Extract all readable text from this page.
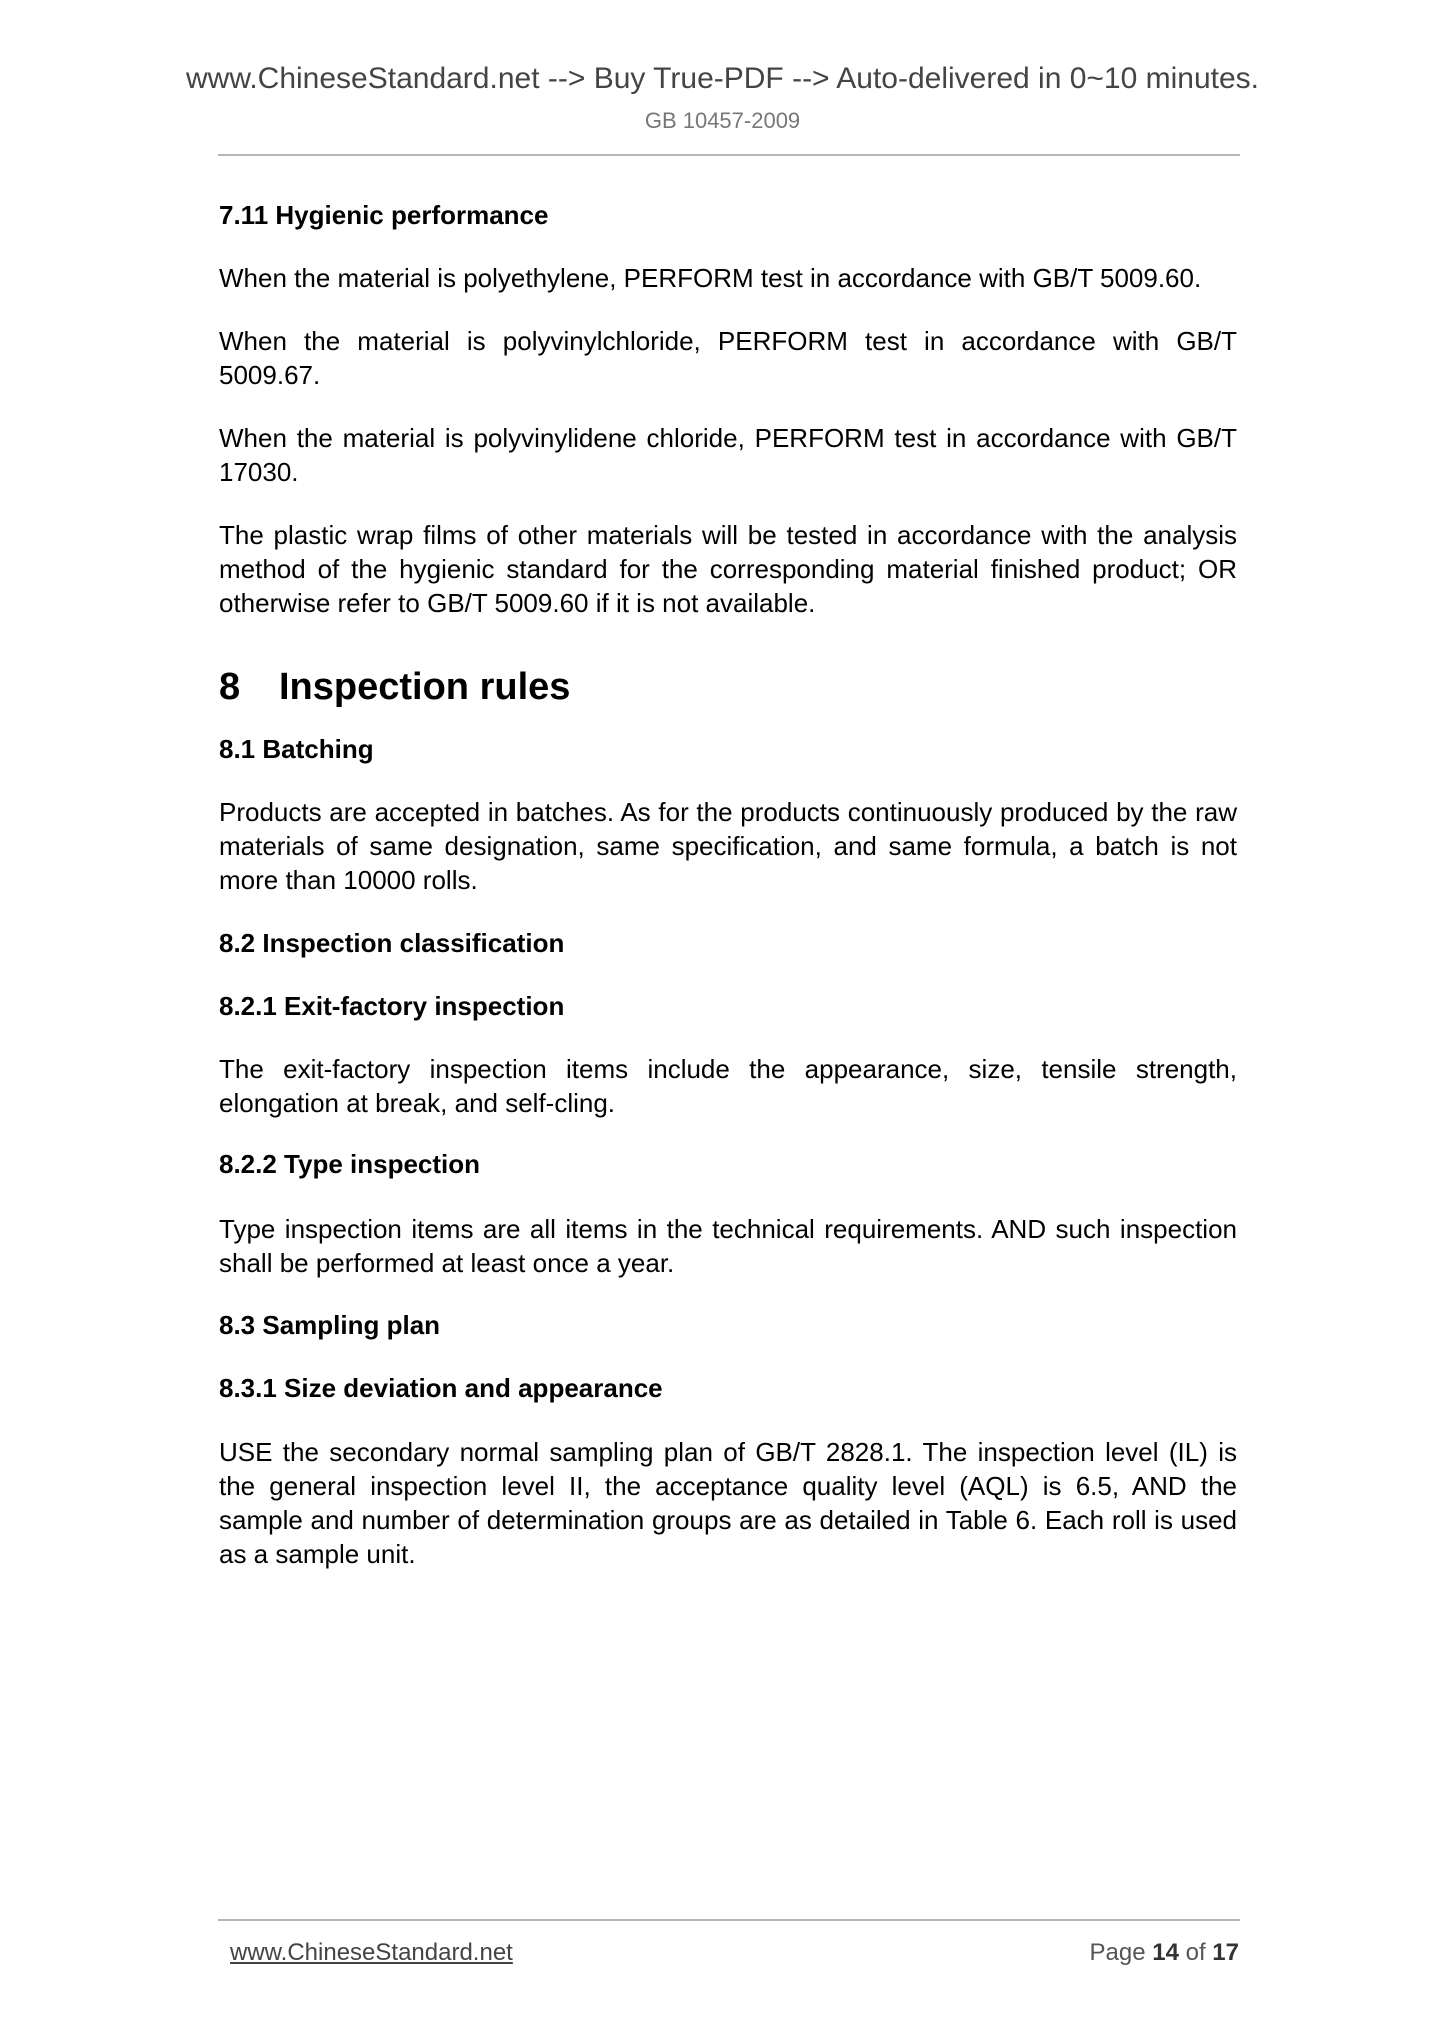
www.ChineseStandard.net --> Buy True-PDF --> Auto-delivered in 0~10 minutes.
GB 10457-2009

7.11 Hygienic performance

When the material is polyethylene, PERFORM test in accordance with GB/T 5009.60.

When the material is polyvinylchloride, PERFORM test in accordance with GB/T 5009.67.

When the material is polyvinylidene chloride, PERFORM test in accordance with GB/T 17030.

The plastic wrap films of other materials will be tested in accordance with the analysis method of the hygienic standard for the corresponding material finished product; OR otherwise refer to GB/T 5009.60 if it is not available.

8 Inspection rules

8.1 Batching

Products are accepted in batches. As for the products continuously produced by the raw materials of same designation, same specification, and same formula, a batch is not more than 10000 rolls.

8.2 Inspection classification

8.2.1 Exit-factory inspection

The exit-factory inspection items include the appearance, size, tensile strength, elongation at break, and self-cling.

8.2.2 Type inspection

Type inspection items are all items in the technical requirements. AND such inspection shall be performed at least once a year.

8.3 Sampling plan

8.3.1 Size deviation and appearance

USE the secondary normal sampling plan of GB/T 2828.1. The inspection level (IL) is the general inspection level II, the acceptance quality level (AQL) is 6.5, AND the sample and number of determination groups are as detailed in Table 6. Each roll is used as a sample unit.

www.ChineseStandard.net	Page 14 of 17
